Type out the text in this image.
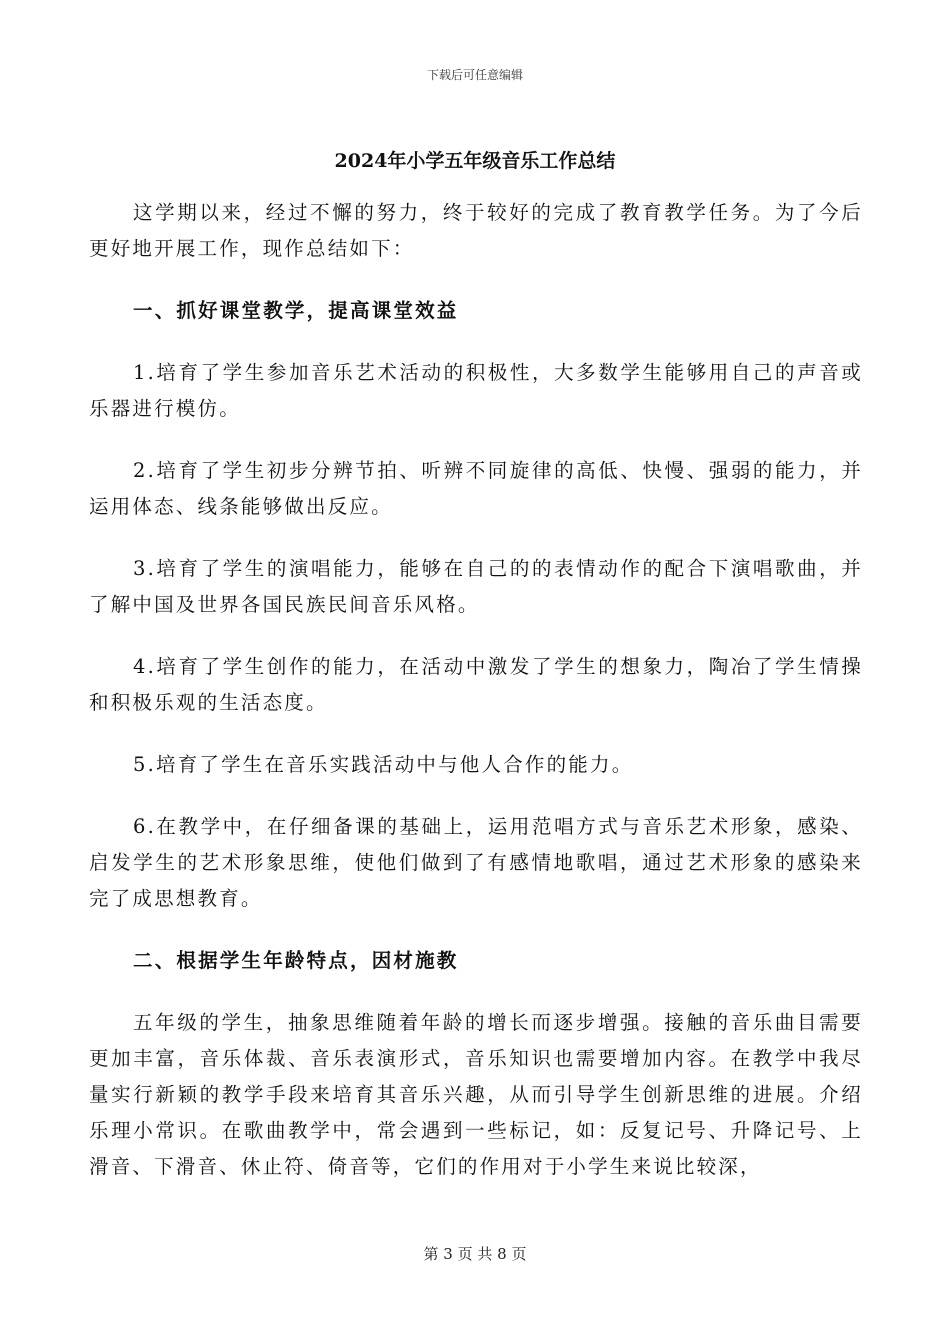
下载后可任意编辑
2024年小学五年级音乐工作总结

这学期以来，经过不懈的努力，终于较好的完成了教育教学任务。为了今后更好地开展工作，现作总结如下：

一、抓好课堂教学，提高课堂效益

1.培育了学生参加音乐艺术活动的积极性，大多数学生能够用自己的声音或乐器进行模仿。

2.培育了学生初步分辨节拍、听辨不同旋律的高低、快慢、强弱的能力，并运用体态、线条能够做出反应。

3.培育了学生的演唱能力，能够在自己的的表情动作的配合下演唱歌曲，并了解中国及世界各国民族民间音乐风格。

4.培育了学生创作的能力，在活动中激发了学生的想象力，陶冶了学生情操和积极乐观的生活态度。

5.培育了学生在音乐实践活动中与他人合作的能力。

6.在教学中，在仔细备课的基础上，运用范唱方式与音乐艺术形象，感染、启发学生的艺术形象思维，使他们做到了有感情地歌唱，通过艺术形象的感染来完了成思想教育。

二、根据学生年龄特点，因材施教

五年级的学生，抽象思维随着年龄的增长而逐步增强。接触的音乐曲目需要更加丰富，音乐体裁、音乐表演形式，音乐知识也需要增加内容。在教学中我尽量实行新颖的教学手段来培育其音乐兴趣，从而引导学生创新思维的进展。介绍乐理小常识。在歌曲教学中，常会遇到一些标记，如：反复记号、升降记号、上滑音、下滑音、休止符、倚音等，它们的作用对于小学生来说比较深，

第 3 页 共 8 页
